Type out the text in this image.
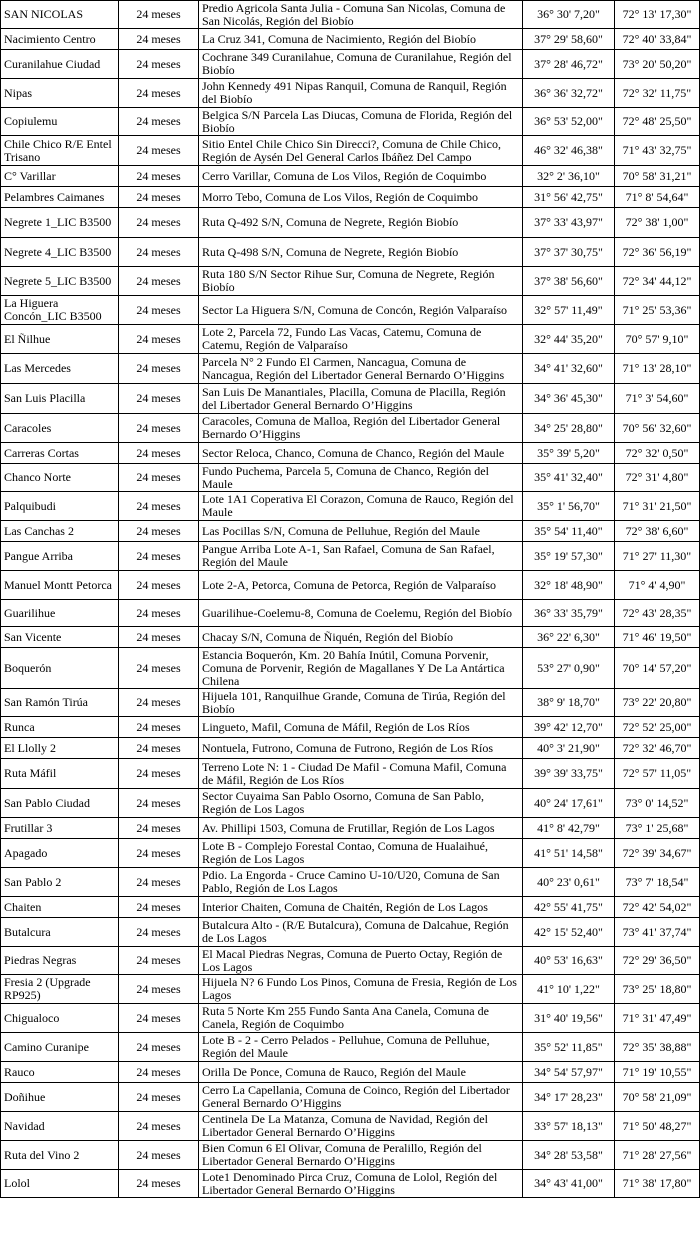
SAN NICOLAS	24 meses	Predio Agricola Santa Julia - Comuna San Nicolas, Comuna de San Nicolás, Región del Biobío	36° 30' 7,20"	72° 13' 17,30"
Nacimiento Centro	24 meses	La Cruz 341, Comuna de Nacimiento, Región del Biobío	37° 29' 58,60"	72° 40' 33,84"
Curanilahue Ciudad	24 meses	Cochrane 349 Curanilahue, Comuna de Curanilahue, Región del Biobío	37° 28' 46,72"	73° 20' 50,20"
Nipas	24 meses	John Kennedy 491 Nipas Ranquil, Comuna de Ranquil, Región del Biobío	36° 36' 32,72"	72° 32' 11,75"
Copiulemu	24 meses	Belgica S/N Parcela Las Diucas, Comuna de Florida, Región del Biobío	36° 53' 52,00"	72° 48' 25,50"
Chile Chico R/E Entel Trisano	24 meses	Sitio Entel Chile Chico Sin Direcci?, Comuna de Chile Chico, Región de Aysén Del General Carlos Ibáñez Del Campo	46° 32' 46,38"	71° 43' 32,75"
C° Varillar	24 meses	Cerro Varillar, Comuna de Los Vilos, Región de Coquimbo	32° 2' 36,10"	70° 58' 31,21"
Pelambres Caimanes	24 meses	Morro Tebo, Comuna de Los Vilos, Región de Coquimbo	31° 56' 42,75"	71° 8' 54,64"
Negrete 1_LIC B3500	24 meses	Ruta Q-492 S/N, Comuna de Negrete, Región Biobío	37° 33' 43,97"	72° 38' 1,00"
Negrete 4_LIC B3500	24 meses	Ruta Q-498 S/N, Comuna de Negrete, Región Biobío	37° 37' 30,75"	72° 36' 56,19"
Negrete 5_LIC B3500	24 meses	Ruta 180 S/N Sector Rihue Sur, Comuna de Negrete, Región Biobío	37° 38' 56,60"	72° 34' 44,12"
La Higuera Concón_LIC B3500	24 meses	Sector La Higuera S/N, Comuna de Concón, Región Valparaíso	32° 57' 11,49"	71° 25' 53,36"
El Ñilhue	24 meses	Lote 2, Parcela 72, Fundo Las Vacas, Catemu, Comuna de Catemu, Región de Valparaíso	32° 44' 35,20"	70° 57' 9,10"
Las Mercedes	24 meses	Parcela N° 2 Fundo El Carmen, Nancagua, Comuna de Nancagua, Región del Libertador General Bernardo O’Higgins	34° 41' 32,60"	71° 13' 28,10"
San Luis Placilla	24 meses	San Luis De Manantiales, Placilla, Comuna de Placilla, Región del Libertador General Bernardo O’Higgins	34° 36' 45,30"	71° 3' 54,60"
Caracoles	24 meses	Caracoles, Comuna de Malloa, Región del Libertador General Bernardo O’Higgins	34° 25' 28,80"	70° 56' 32,60"
Carreras Cortas	24 meses	Sector Reloca, Chanco, Comuna de Chanco, Región del Maule	35° 39' 5,20"	72° 32' 0,50"
Chanco Norte	24 meses	Fundo Puchema, Parcela 5, Comuna de Chanco, Región del Maule	35° 41' 32,40"	72° 31' 4,80"
Palquibudi	24 meses	Lote 1A1 Coperativa El Corazon, Comuna de Rauco, Región del Maule	35° 1' 56,70"	71° 31' 21,50"
Las Canchas 2	24 meses	Las Pocillas S/N, Comuna de Pelluhue, Región del Maule	35° 54' 11,40"	72° 38' 6,60"
Pangue Arriba	24 meses	Pangue Arriba Lote A-1, San Rafael, Comuna de San Rafael, Región del Maule	35° 19' 57,30"	71° 27' 11,30"
Manuel Montt Petorca	24 meses	Lote 2-A, Petorca, Comuna de Petorca, Región de Valparaíso	32° 18' 48,90"	71° 4' 4,90"
Guarilihue	24 meses	Guarilihue-Coelemu-8, Comuna de Coelemu, Región del Biobío	36° 33' 35,79"	72° 43' 28,35"
San Vicente	24 meses	Chacay S/N, Comuna de Ñiquén, Región del Biobío	36° 22' 6,30"	71° 46' 19,50"
Boquerón	24 meses	Estancia Boquerón, Km. 20 Bahía Inútil, Comuna Porvenir, Comuna de Porvenir, Región de Magallanes Y De La Antártica Chilena	53° 27' 0,90"	70° 14' 57,20"
San Ramón Tirúa	24 meses	Hijuela 101, Ranquilhue Grande, Comuna de Tirúa, Región del Biobío	38° 9' 18,70"	73° 22' 20,80"
Runca	24 meses	Lingueto, Mafil, Comuna de Máfil, Región de Los Ríos	39° 42' 12,70"	72° 52' 25,00"
El Llolly 2	24 meses	Nontuela, Futrono, Comuna de Futrono, Región de Los Ríos	40° 3' 21,90"	72° 32' 46,70"
Ruta Máfil	24 meses	Terreno Lote N: 1 - Ciudad De Mafil - Comuna Mafil, Comuna de Máfil, Región de Los Ríos	39° 39' 33,75"	72° 57' 11,05"
San Pablo Ciudad	24 meses	Sector Cuyaima San Pablo Osorno, Comuna de San Pablo, Región de Los Lagos	40° 24' 17,61"	73° 0' 14,52"
Frutillar 3	24 meses	Av. Phillipi 1503, Comuna de Frutillar, Región de Los Lagos	41° 8' 42,79"	73° 1' 25,68"
Apagado	24 meses	Lote B - Complejo Forestal Contao, Comuna de Hualaihué, Región de Los Lagos	41° 51' 14,58"	72° 39' 34,67"
San Pablo 2	24 meses	Pdio. La Engorda - Cruce Camino U-10/U20, Comuna de San Pablo, Región de Los Lagos	40° 23' 0,61"	73° 7' 18,54"
Chaiten	24 meses	Interior Chaiten, Comuna de Chaitén, Región de Los Lagos	42° 55' 41,75"	72° 42' 54,02"
Butalcura	24 meses	Butalcura Alto - (R/E Butalcura), Comuna de Dalcahue, Región de Los Lagos	42° 15' 52,40"	73° 41' 37,74"
Piedras Negras	24 meses	El Macal Piedras Negras, Comuna de Puerto Octay, Región de Los Lagos	40° 53' 16,63"	72° 29' 36,50"
Fresia 2 (Upgrade RP925)	24 meses	Hijuela N? 6 Fundo Los Pinos, Comuna de Fresia, Región de Los Lagos	41° 10' 1,22"	73° 25' 18,80"
Chigualoco	24 meses	Ruta 5 Norte Km 255 Fundo Santa Ana Canela, Comuna de Canela, Región de Coquimbo	31° 40' 19,56"	71° 31' 47,49"
Camino Curanipe	24 meses	Lote B - 2 - Cerro Pelados - Pelluhue, Comuna de Pelluhue, Región del Maule	35° 52' 11,85"	72° 35' 38,88"
Rauco	24 meses	Orilla De Ponce, Comuna de Rauco, Región del Maule	34° 54' 57,97"	71° 19' 10,55"
Doñihue	24 meses	Cerro La Capellania, Comuna de Coinco, Región del Libertador General Bernardo O’Higgins	34° 17' 28,23"	70° 58' 21,09"
Navidad	24 meses	Centinela De La Matanza, Comuna de Navidad, Región del Libertador General Bernardo O’Higgins	33° 57' 18,13"	71° 50' 48,27"
Ruta del Vino 2	24 meses	Bien Comun 6 El Olivar, Comuna de Peralillo, Región del Libertador General Bernardo O’Higgins	34° 28' 53,58"	71° 28' 27,56"
Lolol	24 meses	Lote1 Denominado Pirca Cruz, Comuna de Lolol, Región del Libertador General Bernardo O’Higgins	34° 43' 41,00"	71° 38' 17,80"
